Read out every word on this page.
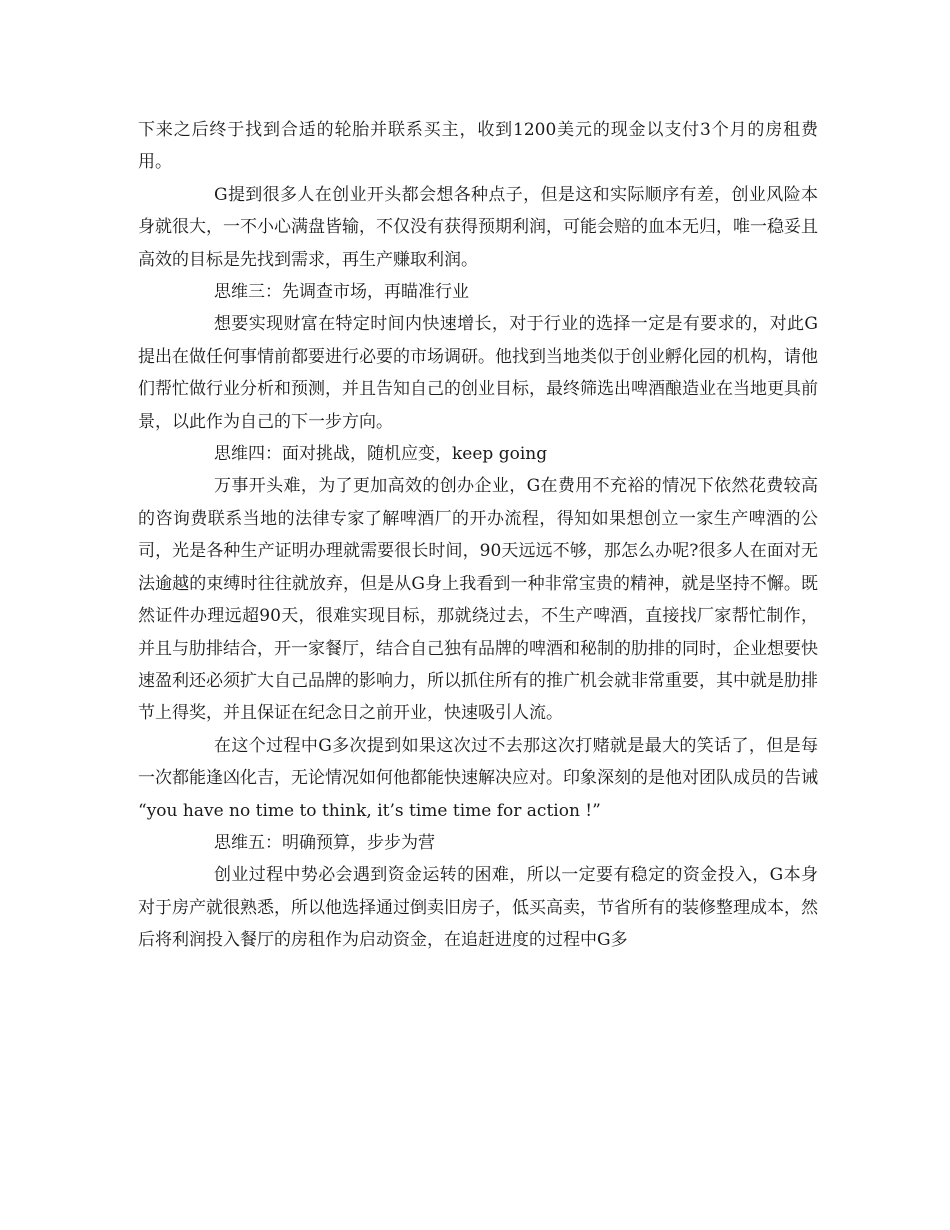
下来之后终于找到合适的轮胎并联系买主，收到1200美元的现金以支付3个月的房租费用。

G提到很多人在创业开头都会想各种点子，但是这和实际顺序有差，创业风险本身就很大，一不小心满盘皆输，不仅没有获得预期利润，可能会赔的血本无归，唯一稳妥且高效的目标是先找到需求，再生产赚取利润。

思维三：先调查市场，再瞄准行业

想要实现财富在特定时间内快速增长，对于行业的选择一定是有要求的，对此G提出在做任何事情前都要进行必要的市场调研。他找到当地类似于创业孵化园的机构，请他们帮忙做行业分析和预测，并且告知自己的创业目标，最终筛选出啤酒酿造业在当地更具前景，以此作为自己的下一步方向。

思维四：面对挑战，随机应变，keep going

万事开头难，为了更加高效的创办企业，G在费用不充裕的情况下依然花费较高的咨询费联系当地的法律专家了解啤酒厂的开办流程，得知如果想创立一家生产啤酒的公司，光是各种生产证明办理就需要很长时间，90天远远不够，那怎么办呢?很多人在面对无法逾越的束缚时往往就放弃，但是从G身上我看到一种非常宝贵的精神，就是坚持不懈。既然证件办理远超90天，很难实现目标，那就绕过去，不生产啤酒，直接找厂家帮忙制作，并且与肋排结合，开一家餐厅，结合自己独有品牌的啤酒和秘制的肋排的同时，企业想要快速盈利还必须扩大自己品牌的影响力，所以抓住所有的推广机会就非常重要，其中就是肋排节上得奖，并且保证在纪念日之前开业，快速吸引人流。

在这个过程中G多次提到如果这次过不去那这次打赌就是最大的笑话了，但是每一次都能逢凶化吉，无论情况如何他都能快速解决应对。印象深刻的是他对团队成员的告诫 “you have no time to think, it’s time time for action !”

思维五：明确预算，步步为营

创业过程中势必会遇到资金运转的困难，所以一定要有稳定的资金投入，G本身对于房产就很熟悉，所以他选择通过倒卖旧房子，低买高卖，节省所有的装修整理成本，然后将利润投入餐厅的房租作为启动资金，在追赶进度的过程中G多
